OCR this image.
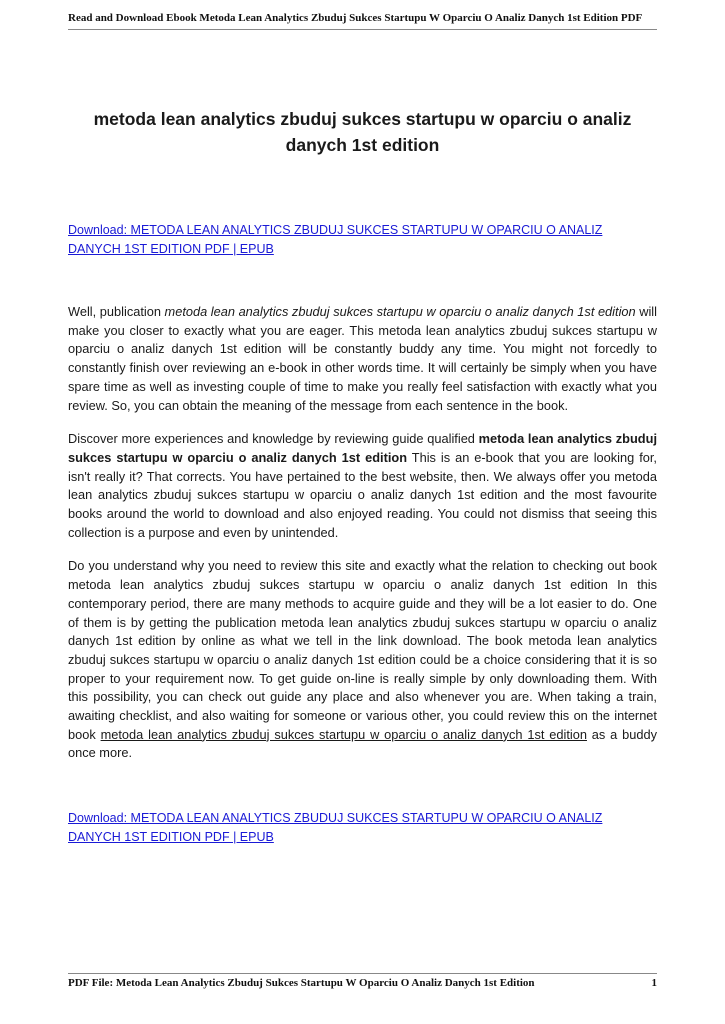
Read and Download Ebook Metoda Lean Analytics Zbuduj Sukces Startupu W Oparciu O Analiz Danych 1st Edition PDF
metoda lean analytics zbuduj sukces startupu w oparciu o analiz danych 1st edition
Download: METODA LEAN ANALYTICS ZBUDUJ SUKCES STARTUPU W OPARCIU O ANALIZ DANYCH 1ST EDITION PDF | EPUB

Well, publication metoda lean analytics zbuduj sukces startupu w oparciu o analiz danych 1st edition will make you closer to exactly what you are eager. This metoda lean analytics zbuduj sukces startupu w oparciu o analiz danych 1st edition will be constantly buddy any time. You might not forcedly to constantly finish over reviewing an e-book in other words time. It will certainly be simply when you have spare time as well as investing couple of time to make you really feel satisfaction with exactly what you review. So, you can obtain the meaning of the message from each sentence in the book.

Discover more experiences and knowledge by reviewing guide qualified metoda lean analytics zbuduj sukces startupu w oparciu o analiz danych 1st edition This is an e-book that you are looking for, isn't really it? That corrects. You have pertained to the best website, then. We always offer you metoda lean analytics zbuduj sukces startupu w oparciu o analiz danych 1st edition and the most favourite books around the world to download and also enjoyed reading. You could not dismiss that seeing this collection is a purpose and even by unintended.

Do you understand why you need to review this site and exactly what the relation to checking out book metoda lean analytics zbuduj sukces startupu w oparciu o analiz danych 1st edition In this contemporary period, there are many methods to acquire guide and they will be a lot easier to do. One of them is by getting the publication metoda lean analytics zbuduj sukces startupu w oparciu o analiz danych 1st edition by online as what we tell in the link download. The book metoda lean analytics zbuduj sukces startupu w oparciu o analiz danych 1st edition could be a choice considering that it is so proper to your requirement now. To get guide on-line is really simple by only downloading them. With this possibility, you can check out guide any place and also whenever you are. When taking a train, awaiting checklist, and also waiting for someone or various other, you could review this on the internet book metoda lean analytics zbuduj sukces startupu w oparciu o analiz danych 1st edition as a buddy once more.

Download: METODA LEAN ANALYTICS ZBUDUJ SUKCES STARTUPU W OPARCIU O ANALIZ DANYCH 1ST EDITION PDF | EPUB
PDF File: Metoda Lean Analytics Zbuduj Sukces Startupu W Oparciu O Analiz Danych 1st Edition	1
